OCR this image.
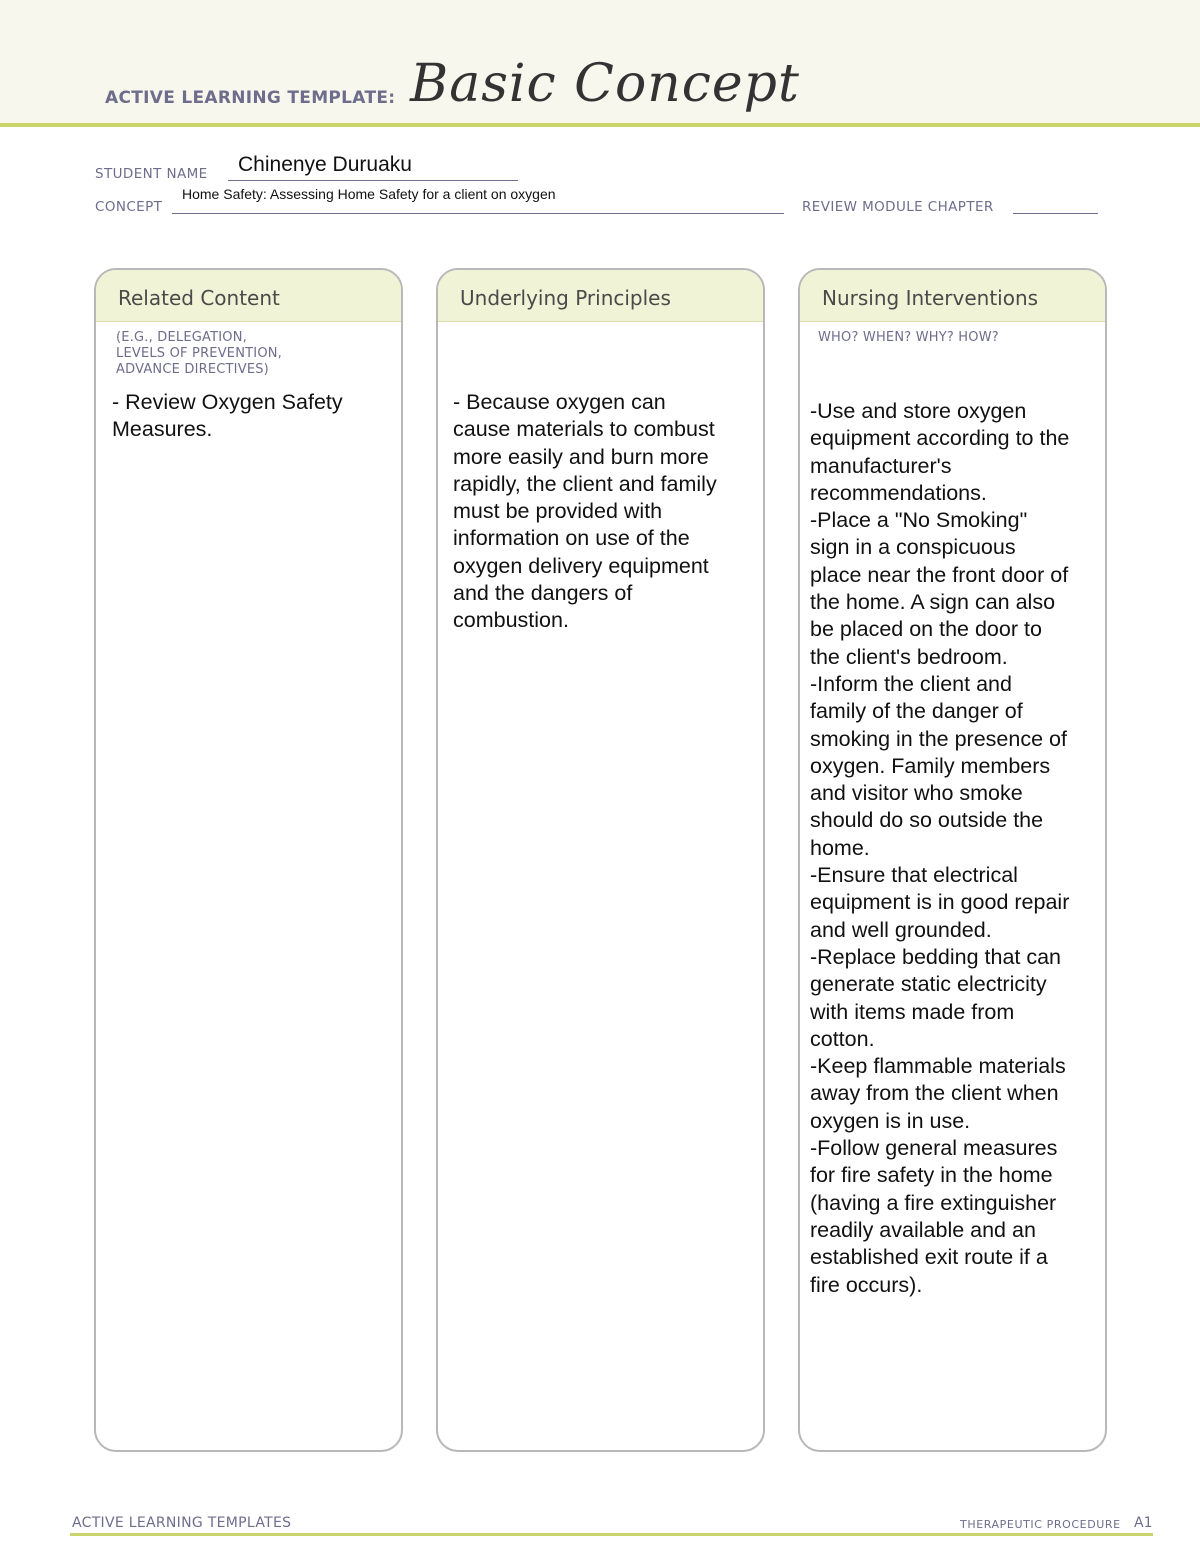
ACTIVE LEARNING TEMPLATE: Basic Concept
STUDENT NAME Chinenye Duruaku
CONCEPT
Home Safety: Assessing Home Safety for a client on oxygen
REVIEW MODULE CHAPTER
Related Content
(E.G., DELEGATION,
LEVELS OF PREVENTION,
ADVANCE DIRECTIVES)
- Review Oxygen Safety
Measures.
Underlying Principles
- Because oxygen can
cause materials to combust
more easily and burn more
rapidly, the client and family
must be provided with
information on use of the
oxygen delivery equipment
and the dangers of
combustion.
Nursing Interventions
WHO? WHEN? WHY? HOW?
-Use and store oxygen
equipment according to the
manufacturer's
recommendations.
-Place a "No Smoking"
sign in a conspicuous
place near the front door of
the home. A sign can also
be placed on the door to
the client's bedroom.
-Inform the client and
family of the danger of
smoking in the presence of
oxygen. Family members
and visitor who smoke
should do so outside the
home.
-Ensure that electrical
equipment is in good repair
and well grounded.
-Replace bedding that can
generate static electricity
with items made from
cotton.
-Keep flammable materials
away from the client when
oxygen is in use.
-Follow general measures
for fire safety in the home
(having a fire extinguisher
readily available and an
established exit route if a
fire occurs).
ACTIVE LEARNING TEMPLATES	THERAPEUTIC PROCEDURE A1
